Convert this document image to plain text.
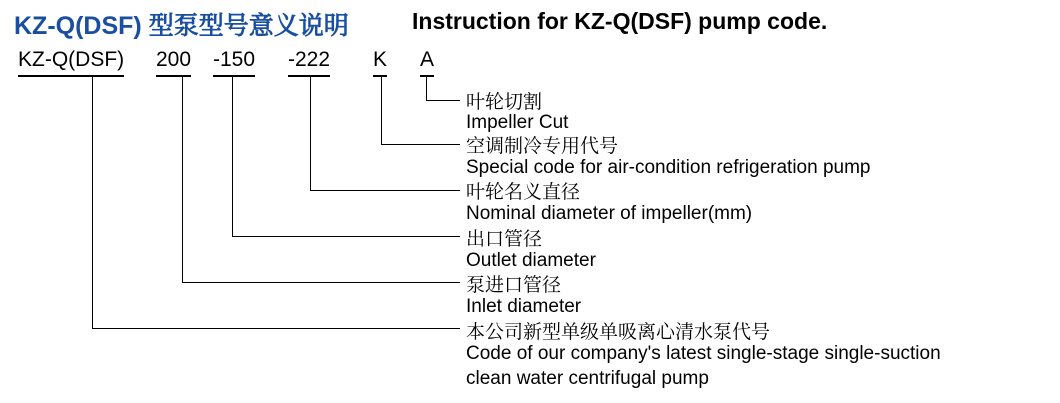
KZ-Q(DSF) 型泵型号意义说明	Instruction for KZ-Q(DSF) pump code.
KZ-Q(DSF) 200 -150 -222 K A
叶轮切割
Impeller Cut
空调制冷专用代号
Special code for air-condition refrigeration pump
叶轮名义直径
Nominal diameter of impeller(mm)
出口管径
Outlet diameter
泵进口管径
Inlet diameter
本公司新型单级单吸离心清水泵代号
Code of our company's latest single-stage single-suction
clean water centrifugal pump
